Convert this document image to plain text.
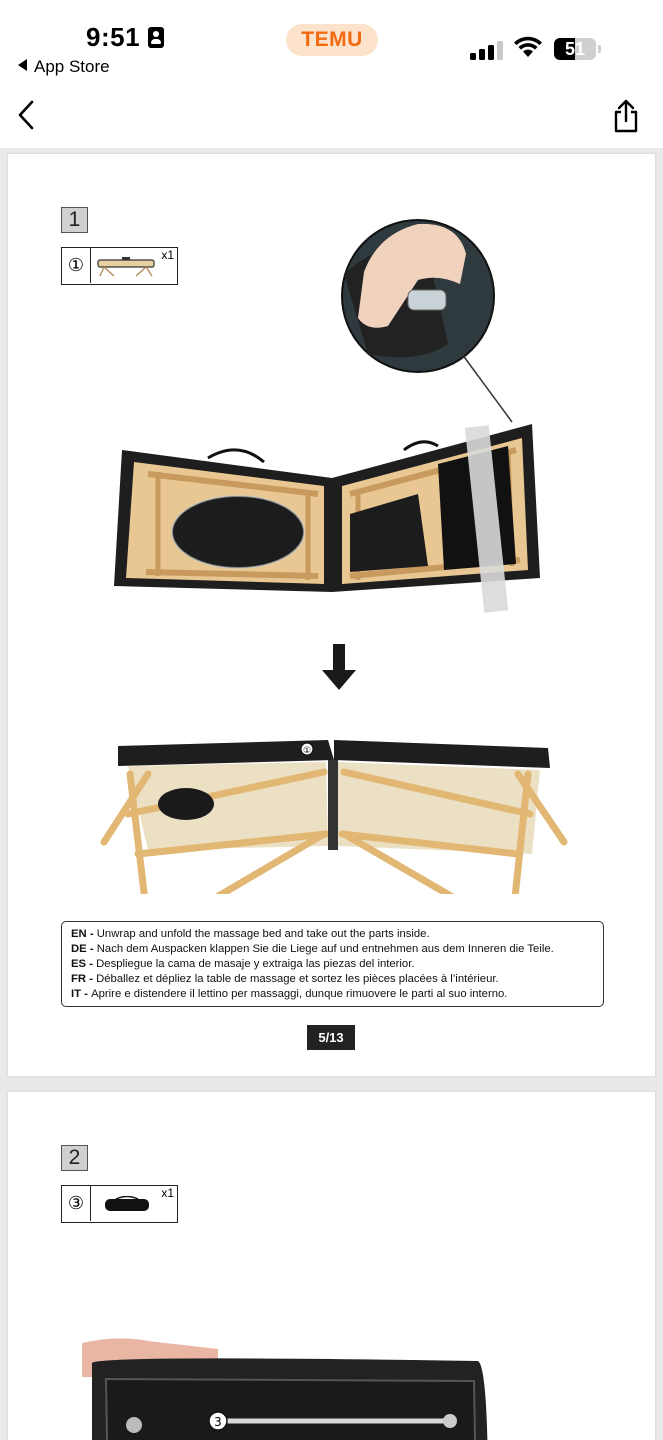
9:51
App Store
TEMU	51
1
①	x1
①

EN - Unwrap and unfold the massage bed and take out the parts inside.

DE - Nach dem Auspacken klappen Sie die Liege auf und entnehmen aus dem Inneren die Teile.

ES - Despliegue la cama de masaje y extraiga las piezas del interior.

FR - Déballez et dépliez la table de massage et sortez les pièces placées à l’intérieur.

IT - Aprire e distendere il lettino per massaggi, dunque rimuovere le parti al suo interno.

5/13
2
③	x1
3
